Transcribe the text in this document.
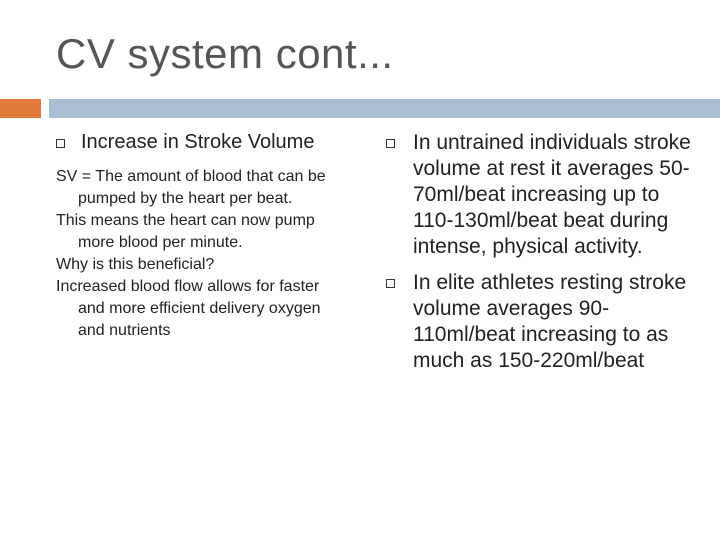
CV system cont...
Increase in Stroke Volume

SV = The amount of blood that can be pumped by the heart per beat.

This means the heart can now pump more blood per minute.

Why is this beneficial?

Increased blood flow allows for faster and more efficient delivery oxygen and nutrients

In untrained individuals stroke volume at rest it averages 50-70ml/beat increasing up to 110-130ml/beat beat during intense, physical activity.
In elite athletes resting stroke volume averages 90-110ml/beat increasing to as much as 150-220ml/beat
